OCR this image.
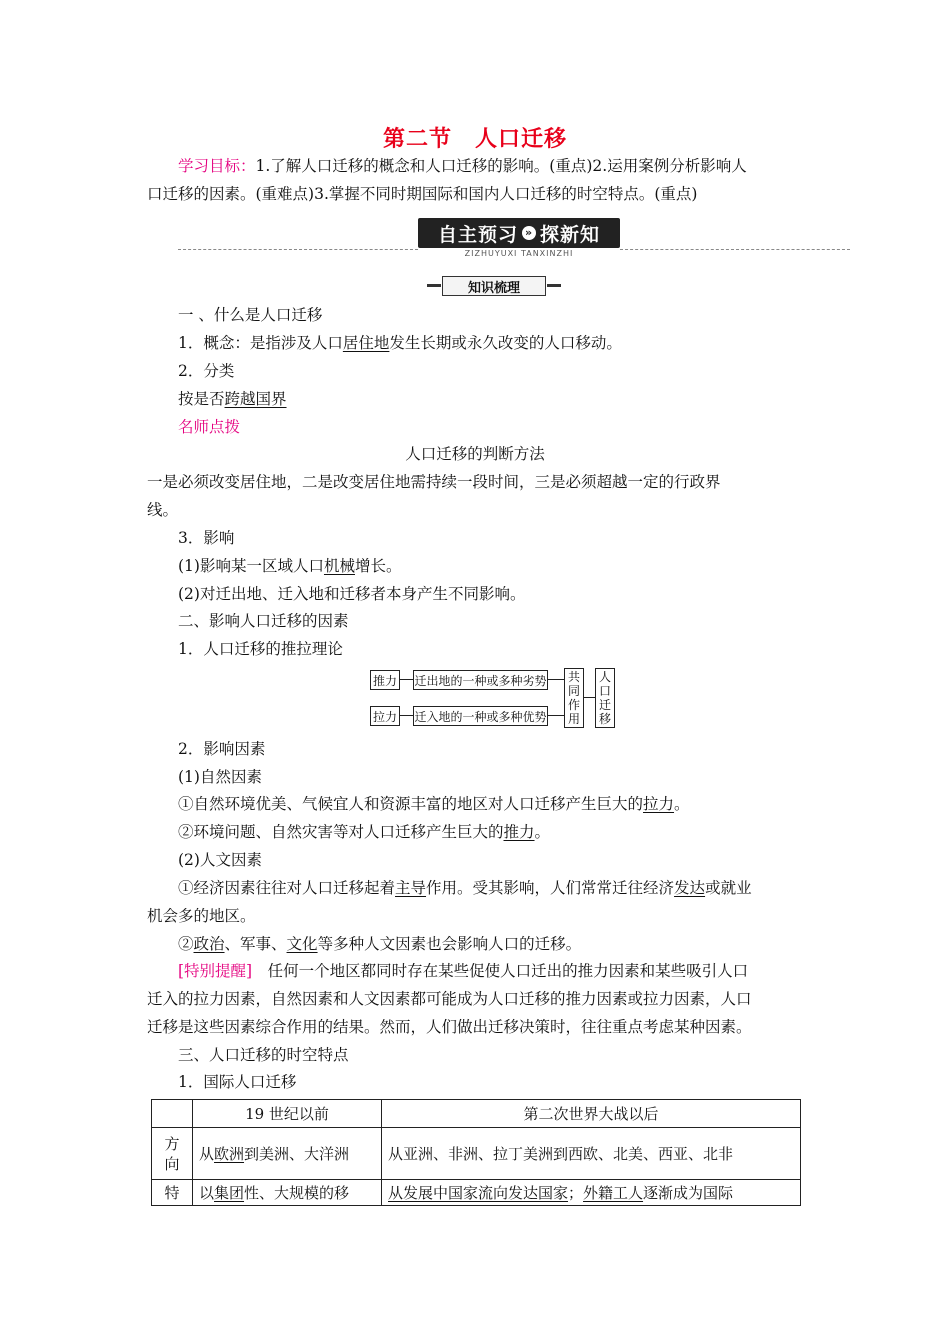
第二节　人口迁移
学习目标：1.了解人口迁移的概念和人口迁移的影响。(重点)2.运用案例分析影响人
口迁移的因素。(重难点)3.掌握不同时期国际和国内人口迁移的时空特点。(重点)
自主预习 » 探新知
ZIZHUYUXI TANXINZHI
知识梳理
一 、什么是人口迁移
1．概念：是指涉及人口居住地发生长期或永久改变的人口移动。
2．分类
按是否跨越国界
名师点拨
人口迁移的判断方法
一是必须改变居住地，二是改变居住地需持续一段时间，三是必须超越一定的行政界
线。
3．影响
(1)影响某一区域人口机械增长。
(2)对迁出地、迁入地和迁移者本身产生不同影响。
二、影响人口迁移的因素
1．人口迁移的推拉理论
推力 迁出地的一种或多种劣势
拉力 迁入地的一种或多种优势
共
同
作
用
人
口
迁
移
2．影响因素
(1)自然因素
①自然环境优美、气候宜人和资源丰富的地区对人口迁移产生巨大的拉力。
②环境问题、自然灾害等对人口迁移产生巨大的推力。
(2)人文因素
①经济因素往往对人口迁移起着主导作用。受其影响，人们常常迁往经济发达或就业
机会多的地区。
②政治、军事、文化等多种人文因素也会影响人口的迁移。
[特别提醒]　任何一个地区都同时存在某些促使人口迁出的推力因素和某些吸引人口
迁入的拉力因素，自然因素和人文因素都可能成为人口迁移的推力因素或拉力因素，人口
迁移是这些因素综合作用的结果。然而，人们做出迁移决策时，往往重点考虑某种因素。
三、人口迁移的时空特点
1．国际人口迁移
	19 世纪以前	第二次世界大战以后

方
向	从欧洲到美洲、大洋洲	从亚洲、非洲、拉丁美洲到西欧、北美、西亚、北非
特	以集团性、大规模的移	从发展中国家流向发达国家；外籍工人逐渐成为国际
